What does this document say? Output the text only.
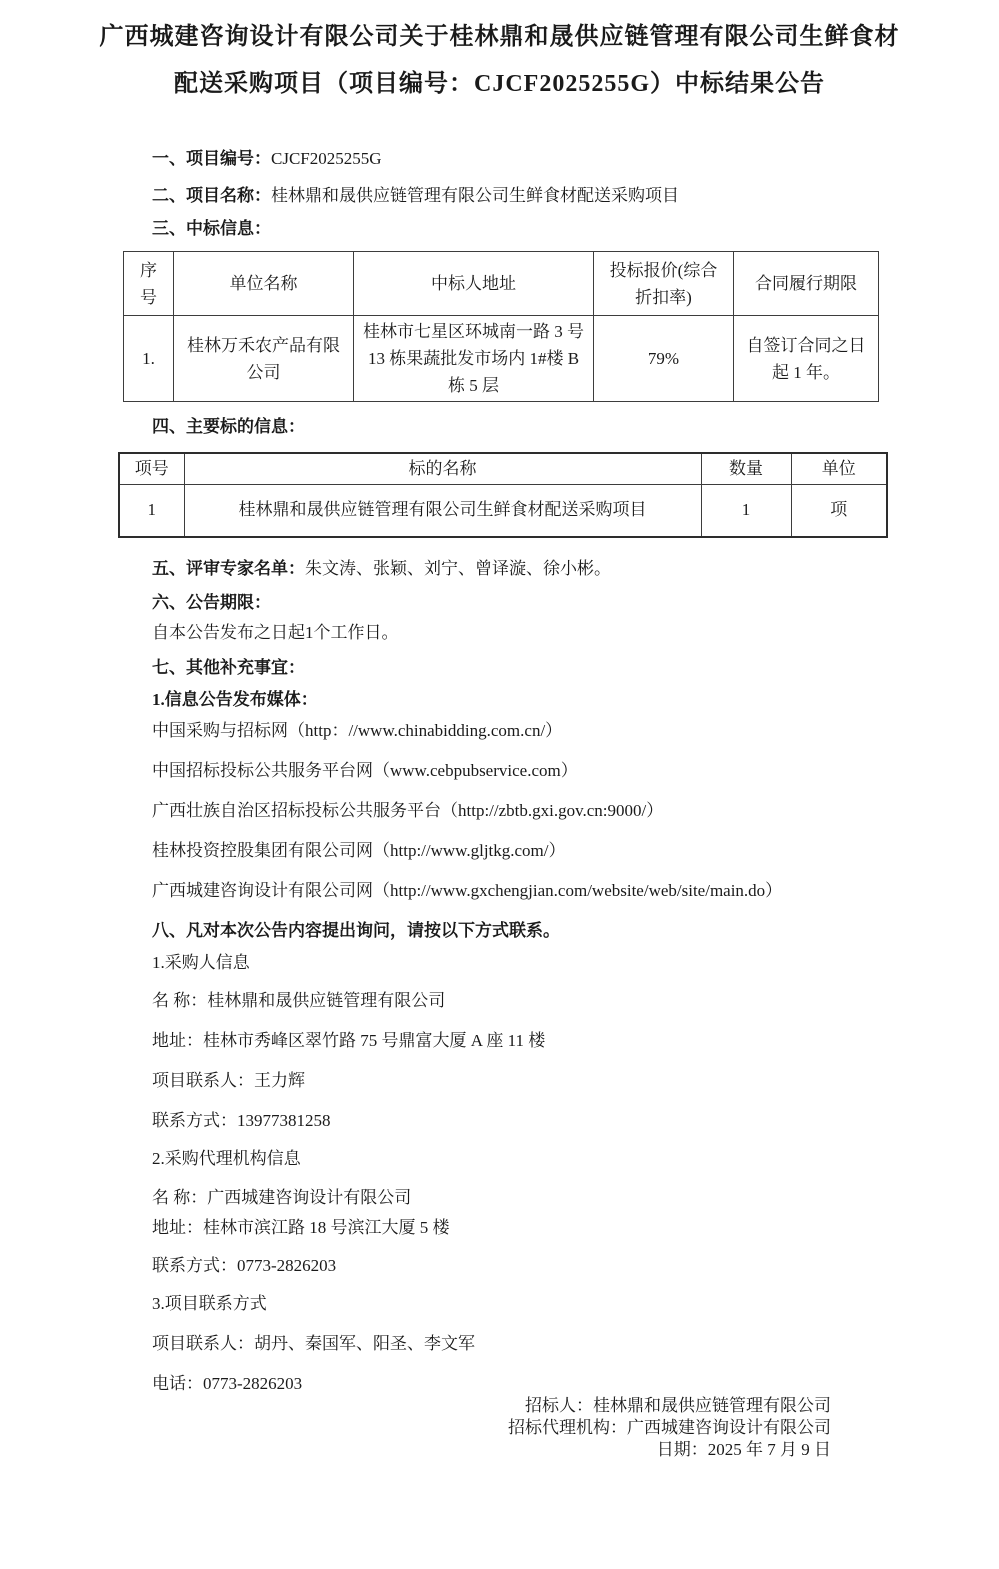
广西城建咨询设计有限公司关于桂林鼎和晟供应链管理有限公司生鲜食材
配送采购项目（项目编号：CJCF2025255G）中标结果公告
一、项目编号：CJCF2025255G
二、项目名称：桂林鼎和晟供应链管理有限公司生鲜食材配送采购项目
三、中标信息：
序号	单位名称	中标人地址	投标报价(综合折扣率)	合同履行期限
1.	桂林万禾农产品有限公司	桂林市七星区环城南一路 3 号 13 栋果蔬批发市场内 1#楼 B 栋 5 层	79%	自签订合同之日起 1 年。
四、主要标的信息：
项号	标的名称	数量	单位
1	桂林鼎和晟供应链管理有限公司生鲜食材配送采购项目	1	项
五、评审专家名单：朱文涛、张颖、刘宁、曾译漩、徐小彬。
六、公告期限：
自本公告发布之日起1个工作日。
七、其他补充事宜：
1.信息公告发布媒体：
中国采购与招标网（http：//www.chinabidding.com.cn/）
中国招标投标公共服务平台网（www.cebpubservice.com）
广西壮族自治区招标投标公共服务平台（http://zbtb.gxi.gov.cn:9000/）
桂林投资控股集团有限公司网（http://www.gljtkg.com/）
广西城建咨询设计有限公司网（http://www.gxchengjian.com/website/web/site/main.do）
八、凡对本次公告内容提出询问，请按以下方式联系。
1.采购人信息
名 称：桂林鼎和晟供应链管理有限公司
地址：桂林市秀峰区翠竹路 75 号鼎富大厦 A 座 11 楼
项目联系人：王力辉
联系方式：13977381258
2.采购代理机构信息
名 称：广西城建咨询设计有限公司
地址：桂林市滨江路 18 号滨江大厦 5 楼
联系方式：0773-2826203
3.项目联系方式
项目联系人：胡丹、秦国军、阳圣、李文军
电话：0773-2826203
招标人：桂林鼎和晟供应链管理有限公司
招标代理机构：广西城建咨询设计有限公司
日期：2025 年 7 月 9 日
